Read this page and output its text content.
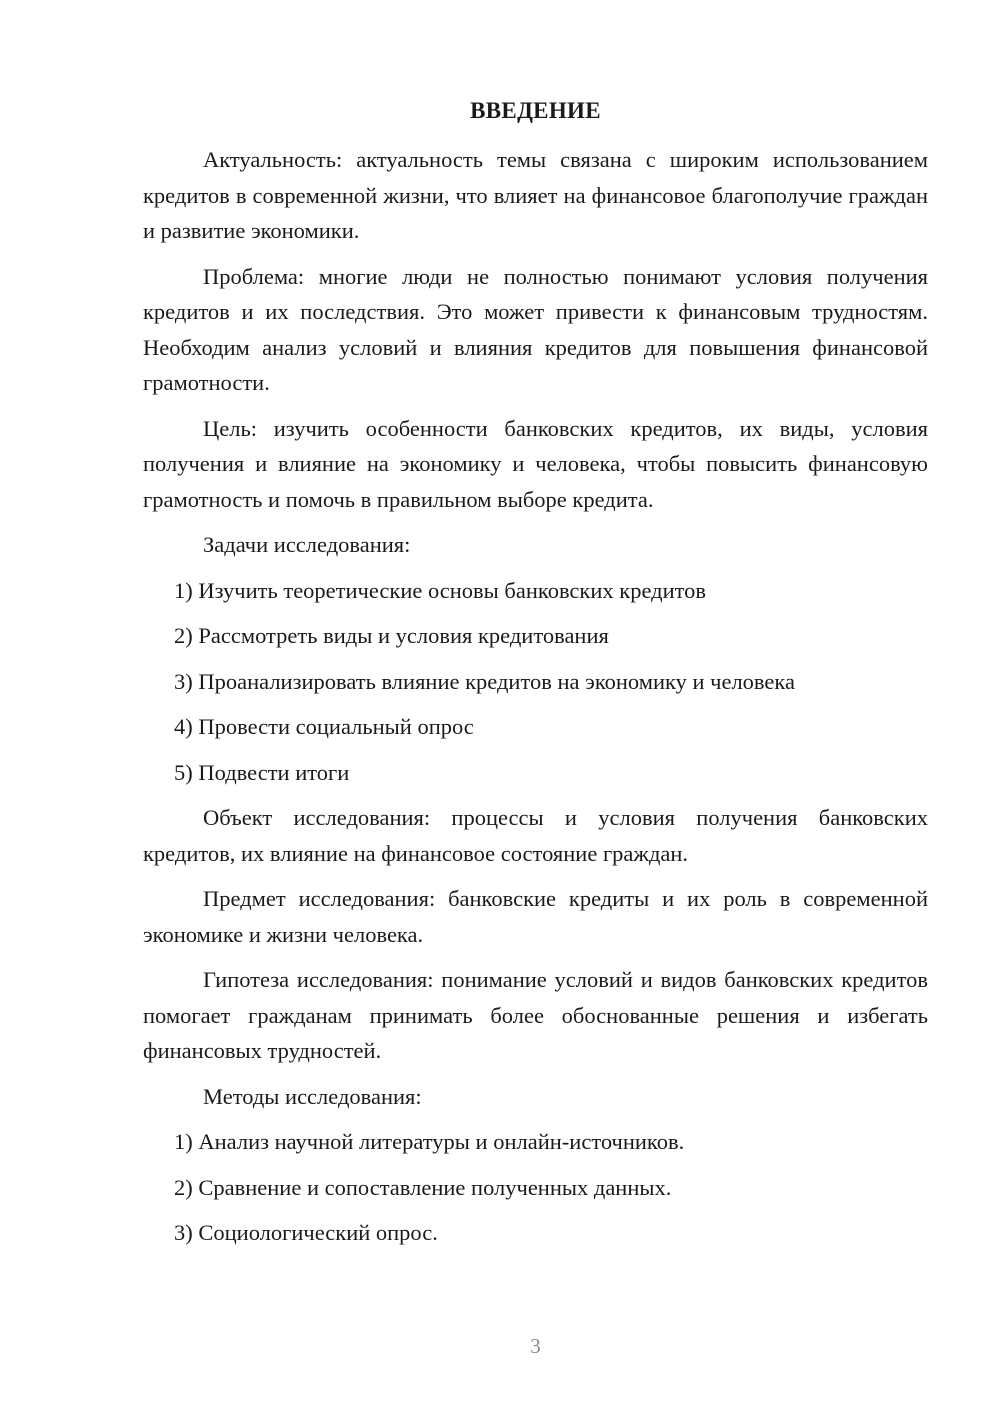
ВВЕДЕНИЕ

Актуальность: актуальность темы связана с широким использованием кредитов в современной жизни, что влияет на финансовое благополучие граждан и развитие экономики.

Проблема: многие люди не полностью понимают условия получения кредитов и их последствия. Это может привести к финансовым трудностям. Необходим анализ условий и влияния кредитов для повышения финансовой грамотности.

Цель: изучить особенности банковских кредитов, их виды, условия получения и влияние на экономику и человека, чтобы повысить финансовую грамотность и помочь в правильном выборе кредита.

Задачи исследования:

1) Изучить теоретические основы банковских кредитов

2) Рассмотреть виды и условия кредитования

3) Проанализировать влияние кредитов на экономику и человека

4) Провести социальный опрос

5) Подвести итоги

Объект исследования: процессы и условия получения банковских кредитов, их влияние на финансовое состояние граждан.

Предмет исследования: банковские кредиты и их роль в современной экономике и жизни человека.

Гипотеза исследования: понимание условий и видов банковских кредитов помогает гражданам принимать более обоснованные решения и избегать финансовых трудностей.

Методы исследования:

1) Анализ научной литературы и онлайн-источников.

2) Сравнение и сопоставление полученных данных.

3) Социологический опрос.

3
